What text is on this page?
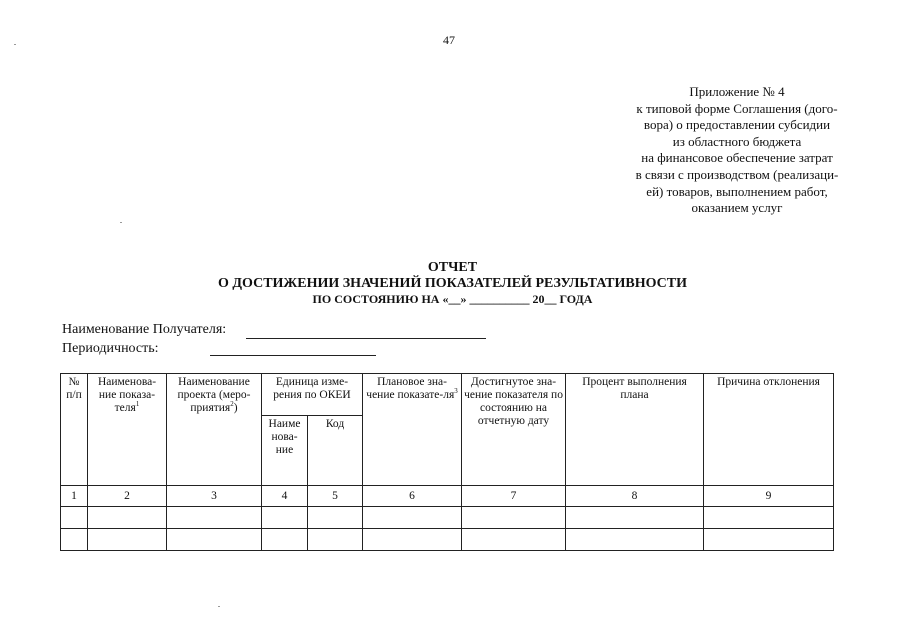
47
Приложение № 4
к типовой форме Соглашения (дого-
вора) о предоставлении субсидии
из областного бюджета
на финансовое обеспечение затрат
в связи с производством (реализаци-
ей) товаров, выполнением работ,
оказанием услуг
ОТЧЕТ
О ДОСТИЖЕНИИ ЗНАЧЕНИЙ ПОКАЗАТЕЛЕЙ РЕЗУЛЬТАТИВНОСТИ
ПО СОСТОЯНИЮ НА «__» __________ 20__ ГОДА
Наименование Получателя:
Периодичность:
№ п/п	Наименова-ние показа-теля$^1$	Наименование проекта (меро-приятия$^2$)	Единица изме-рения по ОКЕИ		Плановое зна-чение показате-$ля^3$	Достигнутое зна-чение показателя по состоянию на отчетную дату	Процент выполнения плана	Причина отклонения
			Наиме нова-ние	Код				
1	2	3	4	5	6	7	8	9
